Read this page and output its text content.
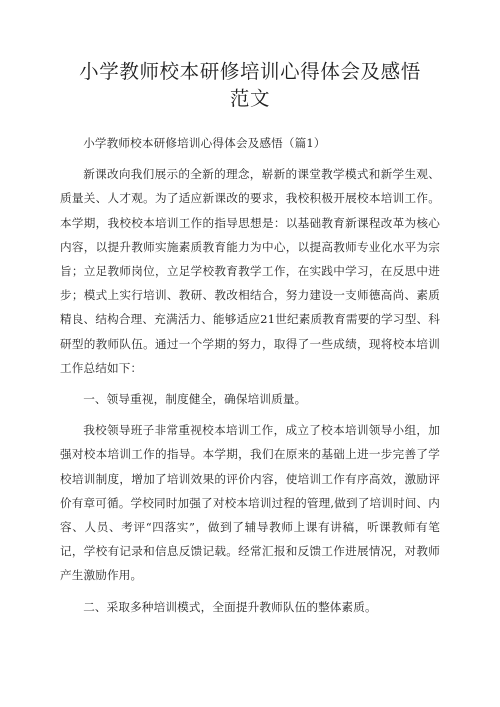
小学教师校本研修培训心得体会及感悟范文

小学教师校本研修培训心得体会及感悟（篇1）

新课改向我们展示的全新的理念，崭新的课堂教学模式和新学生观、质量关、人才观。为了适应新课改的要求，我校积极开展校本培训工作。本学期，我校校本培训工作的指导思想是：以基础教育新课程改革为核心内容，以提升教师实施素质教育能力为中心，以提高教师专业化水平为宗旨；立足教师岗位，立足学校教育教学工作，在实践中学习，在反思中进步；模式上实行培训、教研、教改相结合，努力建设一支师德高尚、素质精良、结构合理、充满活力、能够适应21世纪素质教育需要的学习型、科研型的教师队伍。通过一个学期的努力，取得了一些成绩，现将校本培训工作总结如下：

一、领导重视，制度健全，确保培训质量。

我校领导班子非常重视校本培训工作，成立了校本培训领导小组，加强对校本培训工作的指导。本学期，我们在原来的基础上进一步完善了学校培训制度，增加了培训效果的评价内容，使培训工作有序高效，激励评价有章可循。学校同时加强了对校本培训过程的管理,做到了培训时间、内容、人员、考评“四落实”，做到了辅导教师上课有讲稿，听课教师有笔记，学校有记录和信息反馈记载。经常汇报和反馈工作进展情况，对教师产生激励作用。

二、采取多种培训模式，全面提升教师队伍的整体素质。
